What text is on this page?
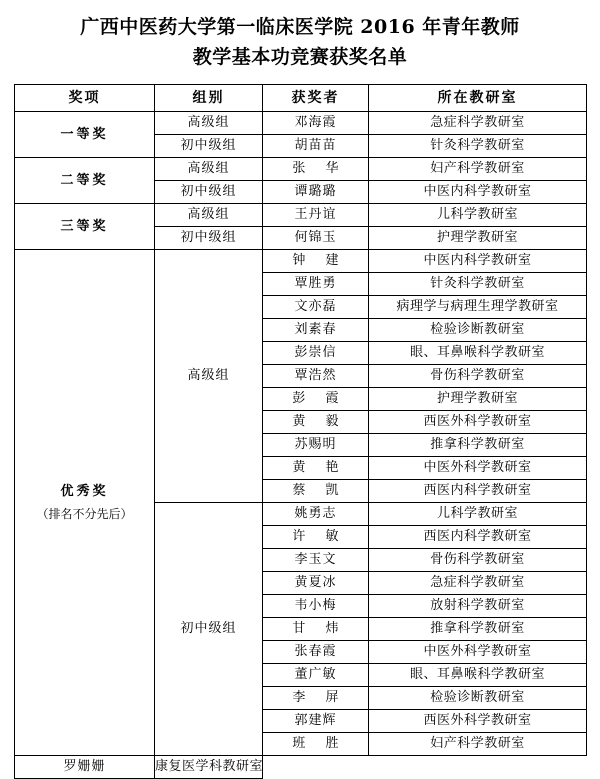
广西中医药大学第一临床医学院 2016 年青年教师
教学基本功竞赛获奖名单
奖项	组别	获奖者	所在教研室
一等奖	高级组	邓海霞	急症科学教研室
	初中级组	胡苗苗	针灸科学教研室
二等奖	高级组	张 华	妇产科学教研室
	初中级组	谭璐璐	中医内科学教研室
三等奖	高级组	王丹谊	儿科学教研室
	初中级组	何锦玉	护理学教研室
优秀奖
（排名不分先后）	高级组	钟 建	中医内科学教研室
		覃胜勇	针灸科学教研室
		文亦磊	病理学与病理生理学教研室
		刘素春	检验诊断教研室
		彭崇信	眼、耳鼻喉科学教研室
		覃浩然	骨伤科学教研室
		彭 霞	护理学教研室
		黄 毅	西医外科学教研室
		苏赐明	推拿科学教研室
		黄 艳	中医外科学教研室
		蔡 凯	西医内科学教研室
	初中级组	姚勇志	儿科学教研室
		许 敏	西医内科学教研室
		李玉文	骨伤科学教研室
		黄夏冰	急症科学教研室
		韦小梅	放射科学教研室
		甘 炜	推拿科学教研室
		张春霞	中医外科学教研室
		董广敏	眼、耳鼻喉科学教研室
		李 屏	检验诊断教研室
		郭建辉	西医外科学教研室
		班 胜	妇产科学教研室
罗姗姗	康复医学科教研室		
